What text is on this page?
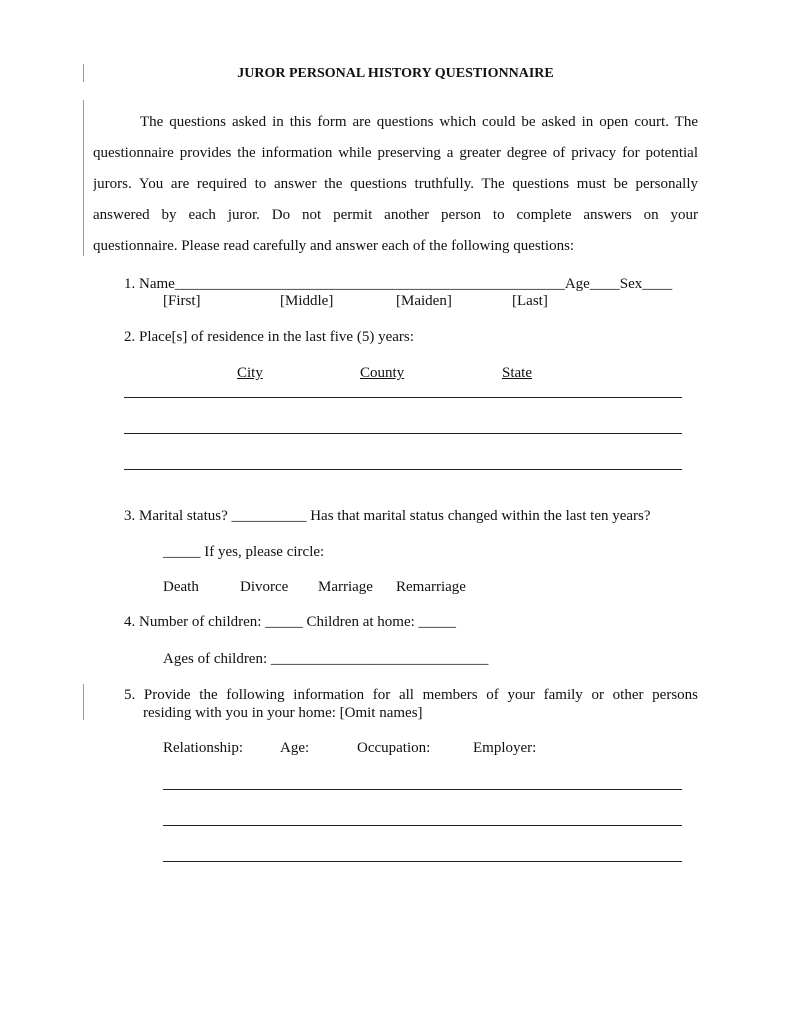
JUROR PERSONAL HISTORY QUESTIONNAIRE
The questions asked in this form are questions which could be asked in open court. The
questionnaire provides the information while preserving a greater degree of privacy for potential
jurors. You are required to answer the questions truthfully. The questions must be personally
answered by each juror. Do not permit another person to complete answers on your
questionnaire. Please read carefully and answer each of the following questions:
1. Name____________________________________________________Age____Sex____
[First]	[Middle]	[Maiden]	[Last]
2. Place[s] of residence in the last five (5) years:
City	County	State
3. Marital status? __________ Has that marital status changed within the last ten years?
_____ If yes, please circle:
Death	Divorce Marriage Remarriage
4. Number of children: _____ Children at home: _____
Ages of children: _____________________________
5. Provide the following information for all members of your family or other persons
residing with you in your home: [Omit names]
Relationship: Age:	Occupation:	Employer:
